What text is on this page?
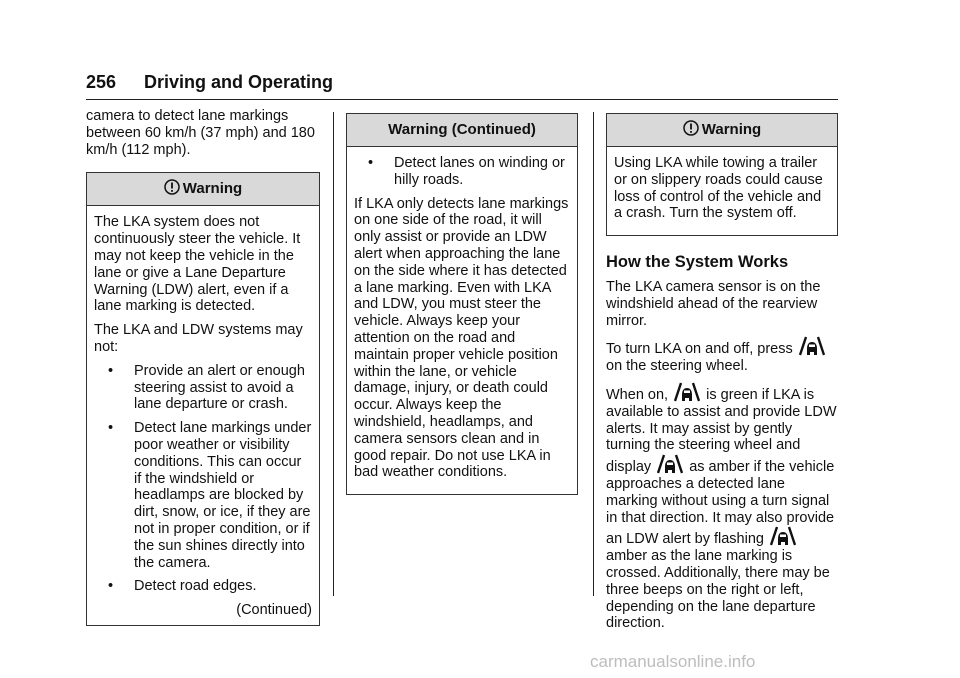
256 Driving and Operating

camera to detect lane markings between 60 km/h (37 mph) and 180 km/h (112 mph).

Warning

The LKA system does not continuously steer the vehicle. It may not keep the vehicle in the lane or give a Lane Departure Warning (LDW) alert, even if a lane marking is detected.

The LKA and LDW systems may not:

• Provide an alert or enough steering assist to avoid a lane departure or crash.
• Detect lane markings under poor weather or visibility conditions. This can occur if the windshield or headlamps are blocked by dirt, snow, or ice, if they are not in proper condition, or if the sun shines directly into the camera.
• Detect road edges.
(Continued)
Warning (Continued)
• Detect lanes on winding or hilly roads.

If LKA only detects lane markings on one side of the road, it will only assist or provide an LDW alert when approaching the lane on the side where it has detected a lane marking. Even with LKA and LDW, you must steer the vehicle. Always keep your attention on the road and maintain proper vehicle position within the lane, or vehicle damage, injury, or death could occur. Always keep the windshield, headlamps, and camera sensors clean and in good repair. Do not use LKA in bad weather conditions.

Warning

Using LKA while towing a trailer or on slippery roads could cause loss of control of the vehicle and a crash. Turn the system off.

How the System Works

The LKA camera sensor is on the windshield ahead of the rearview mirror.

To turn LKA on and off, press  on the steering wheel.

When on,	is green if LKA is available to assist and provide LDW alerts. It may assist by gently turning the steering wheel and display	as amber if the vehicle approaches a detected lane marking without using a turn signal in that direction. It may also provide an LDW alert by flashing  amber as the lane marking is crossed. Additionally, there may be three beeps on the right or left, depending on the lane departure direction.

carmanualsonline.info
